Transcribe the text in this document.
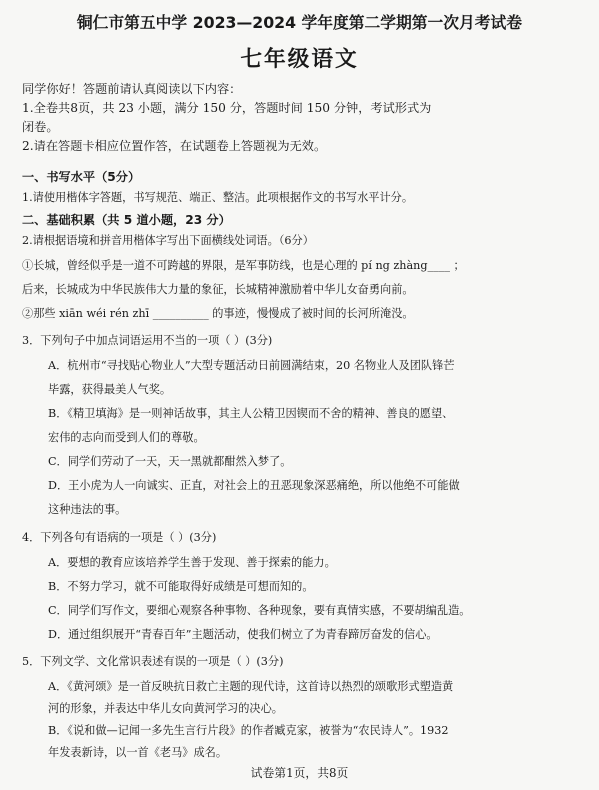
铜仁市第五中学 2023—2024 学年度第二学期第一次月考试卷
七年级语文
同学你好！答题前请认真阅读以下内容：
1.全卷共8页，共 23 小题，满分 150 分，答题时间 150 分钟，考试形式为
闭卷。
2.请在答题卡相应位置作答，在试题卷上答题视为无效。
一、书写水平（5分）
1.请使用楷体字答题，书写规范、端正、整洁。此项根据作文的书写水平计分。
二、基础积累（共 5 道小题，23 分）
2.请根据语境和拼音用楷体字写出下面横线处词语。（6分）
①长城，曾经似乎是一道不可跨越的界限，是军事防线，也是心理的 pí ng zhàng____ ；
后来，长城成为中华民族伟大力量的象征，长城精神激励着中华儿女奋勇向前。
②那些 xiān wéi rén zhī __________ 的事迹，慢慢成了被时间的长河所淹没。
3．下列句子中加点词语运用不当的一项（ ）(3分)
A．杭州市“寻找贴心物业人”大型专题活动日前圆满结束，20 名物业人及团队锋芒
毕露，获得最美人气奖。
B．《精卫填海》是一则神话故事，其主人公精卫因锲而不舍的精神、善良的愿望、
宏伟的志向而受到人们的尊敬。
C．同学们劳动了一天，天一黑就都酣然入梦了。
D．王小虎为人一向诚实、正直，对社会上的丑恶现象深恶痛绝，所以他绝不可能做
这种违法的事。
4．下列各句有语病的一项是（ ）(3分)
A．要想的教育应该培养学生善于发现、善于探索的能力。
B．不努力学习，就不可能取得好成绩是可想而知的。
C．同学们写作文，要细心观察各种事物、各种现象，要有真情实感，不要胡编乱造。
D．通过组织展开“青春百年”主题活动，使我们树立了为青春蹄厉奋发的信心。
5．下列文学、文化常识表述有误的一项是（ ）(3分)
A．《黄河颂》是一首反映抗日救亡主题的现代诗，这首诗以热烈的颂歌形式塑造黄
河的形象，并表达中华儿女向黄河学习的决心。
B．《说和做—记闻一多先生言行片段》的作者臧克家，被誉为“农民诗人”。1932
年发表新诗，以一首《老马》成名。
试卷第1页，共8页
